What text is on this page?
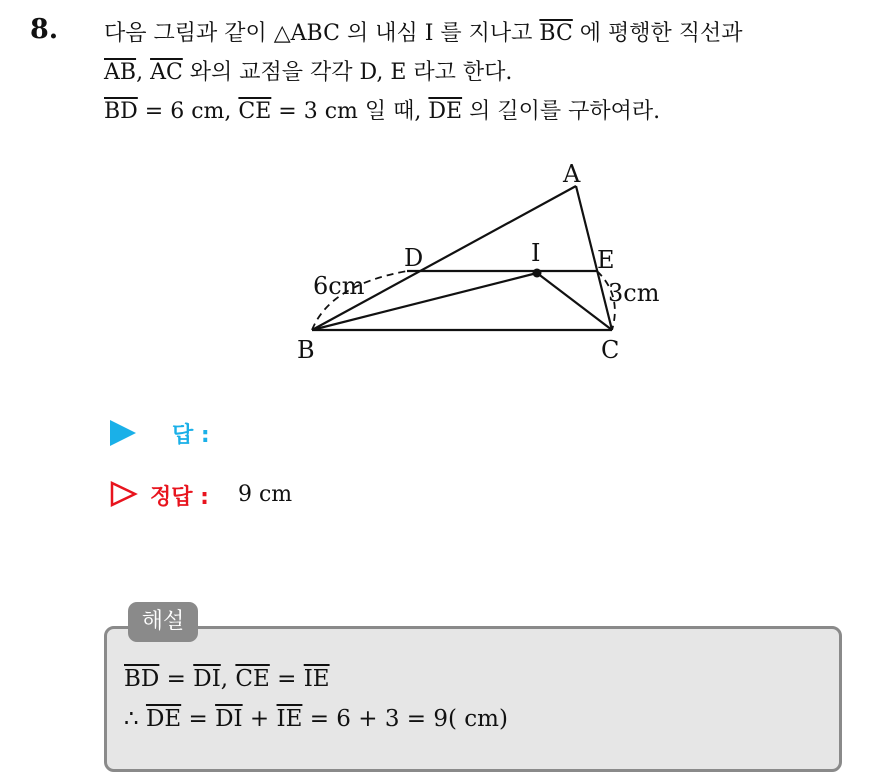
8. 다음 그림과 같이 △ABC 의 내심 I 를 지나고 $\overline{BC}$ 에 평행한 직선과
$\overline{AB}$, $\overline{AC}$ 와의 교점을 각각 D, E 라고 한다.
$\overline{BD} = 6$ cm, $\overline{CE} = 3$ cm 일 때, $\overline{DE}$ 의 길이를 구하여라.
A
B	C
D	E
I
6cm	3cm
답 :
정답 : 9 cm
해설
$\overline{BD} = \overline{DI}$, $\overline{CE} = \overline{IE}$
∴ $\overline{DE} = \overline{DI} + \overline{IE} = 6 + 3 = 9$( cm)
